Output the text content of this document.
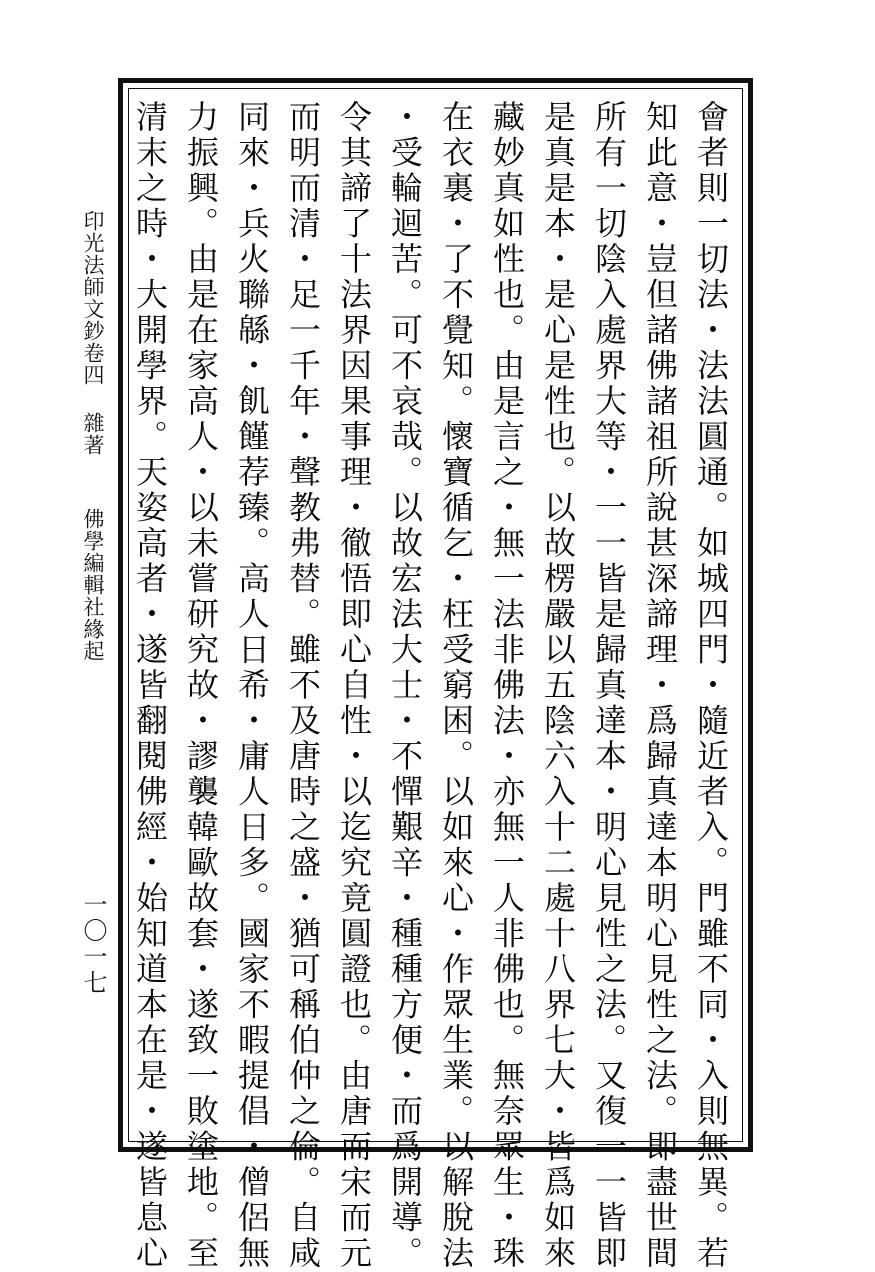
印光法師文鈔卷四雜著佛學編輯社緣起
一〇一七	會者則一切法・法法圓通。如城四門・隨近者入。門雖不同・入則無異。若
知此意・豈但諸佛諸祖所說甚深諦理・爲歸真達本明心見性之法。即盡世間
所有一切陰入處界大等・一一皆是歸真達本・明心見性之法。又復一一皆即
是真是本・是心是性也。以故楞嚴以五陰六入十二處十八界七大・皆爲如來
藏妙真如性也。由是言之・無一法非佛法・亦無一人非佛也。無奈眾生・珠
在衣裏・了不覺知。懷寶循乞・枉受窮困。以如來心・作眾生業。以解脫法
・受輪迴苦。可不哀哉。以故宏法大士・不憚艱辛・種種方便・而爲開導。
令其諦了十法界因果事理・徹悟即心自性・以迄究竟圓證也。由唐而宋而元
而明而清・足一千年・聲教弗替。雖不及唐時之盛・猶可稱伯仲之倫。自咸
同來・兵火聯緜・飢饉荐臻。高人日希・庸人日多。國家不暇提倡・僧侶無
力振興。由是在家高人・以未嘗研究故・謬襲韓歐故套・遂致一敗塗地。至
清末之時・大開學界。天姿高者・遂皆翻閱佛經・始知道本在是・遂皆息心
